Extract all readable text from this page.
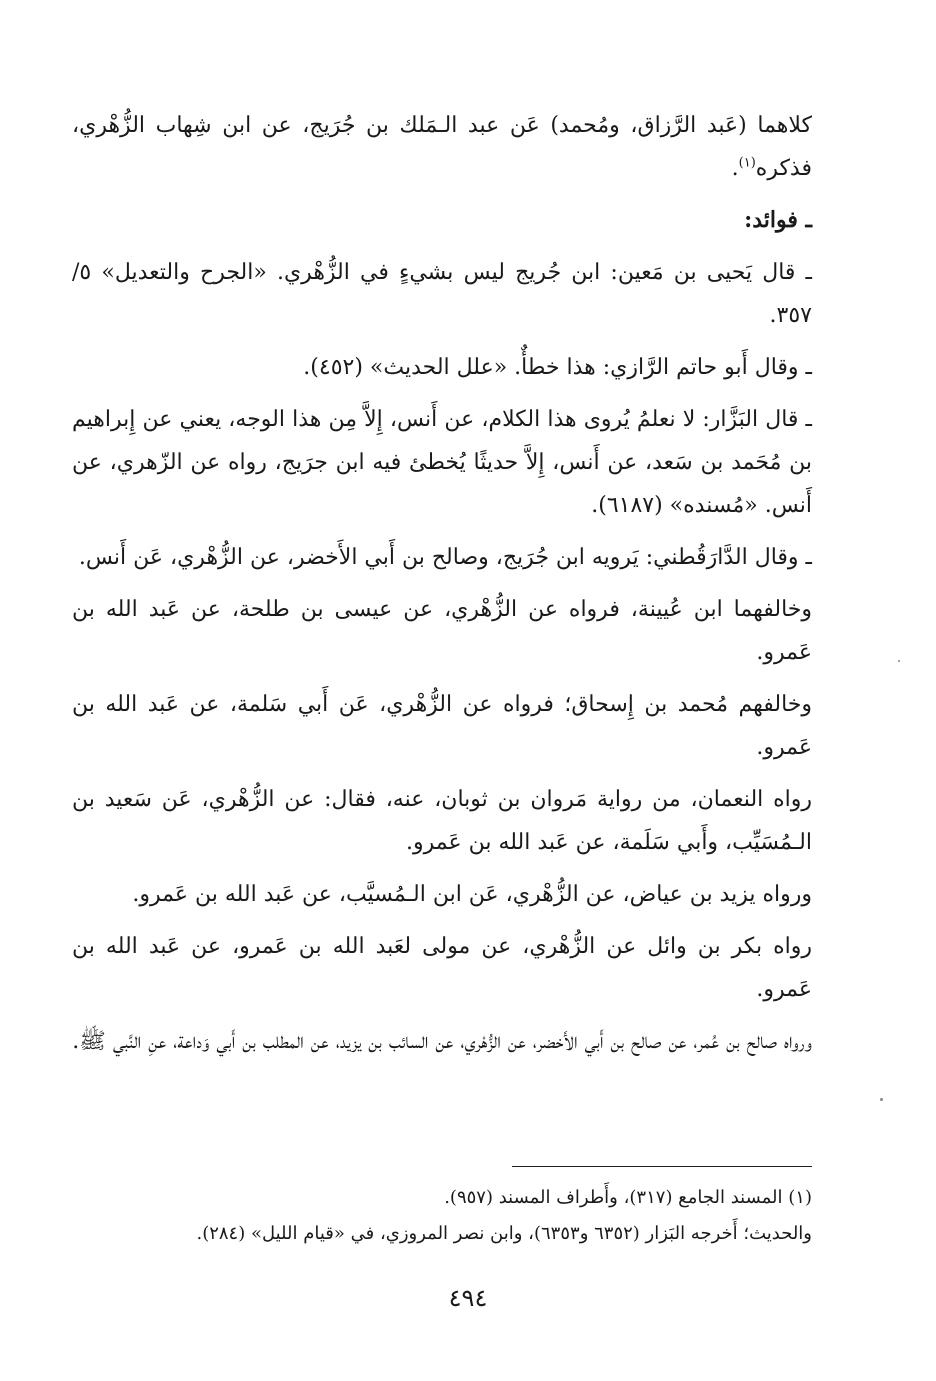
كلاهما (عَبد الرَّزاق، ومُحمد) عَن عبد الـمَلك بن جُرَيج، عن ابن شِهاب الزُّهْري، فذكره$^{(١)}$.

ـ فوائد:

ـ قال يَحيى بن مَعين: ابن جُريج ليس بشيءٍ في الزُّهْري. «الجرح والتعديل» ٥/ ٣٥٧.

ـ وقال أَبو حاتم الرَّازي: هذا خطأٌ. «علل الحديث» (٤٥٢).

ـ قال البَزَّار: لا نعلمُ يُروى هذا الكلام، عن أَنس، إِلاَّ مِن هذا الوجه، يعني عن إِبراهيم بن مُحَمد بن سَعد، عن أَنس، إِلاَّ حديثًا يُخطئ فيه ابن جرَيج، رواه عن الزّهري، عن أَنس. «مُسنده» (٦١٨٧).

ـ وقال الدَّارَقُطني: يَرويه ابن جُرَيج، وصالح بن أَبي الأَخضر، عن الزُّهْري، عَن أَنس.

وخالفهما ابن عُيينة، فرواه عن الزُّهْري، عن عيسى بن طلحة، عن عَبد الله بن عَمرو.

وخالفهم مُحمد بن إِسحاق؛ فرواه عن الزُّهْري، عَن أَبي سَلمة، عن عَبد الله بن عَمرو.

رواه النعمان، من رواية مَروان بن ثوبان، عنه، فقال: عن الزُّهْري، عَن سَعيد بن الـمُسَيِّب، وأَبي سَلَمة، عن عَبد الله بن عَمرو.

ورواه يزيد بن عياض، عن الزُّهْري، عَن ابن الـمُسيَّب، عن عَبد الله بن عَمرو.

رواه بكر بن وائل عن الزُّهْري، عن مولى لعَبد الله بن عَمرو، عن عَبد الله بن عَمرو.

ورواه صالح بن عُمر، عن صالح بن أَبي الأَخضر، عن الزُّهْري، عن السائب بن يزيد، عن المطلب بن أَبي وَداعة، عنِ النَّبي ﷺ.

(١) المسند الجامع (٣١٧)، وأَطراف المسند (٩٥٧).

والحديث؛ أَخرجه البَزار (٦٣٥٢ و٦٣٥٣)، وابن نصر المروزي، في «قيام الليل» (٢٨٤).

٤٩٤
